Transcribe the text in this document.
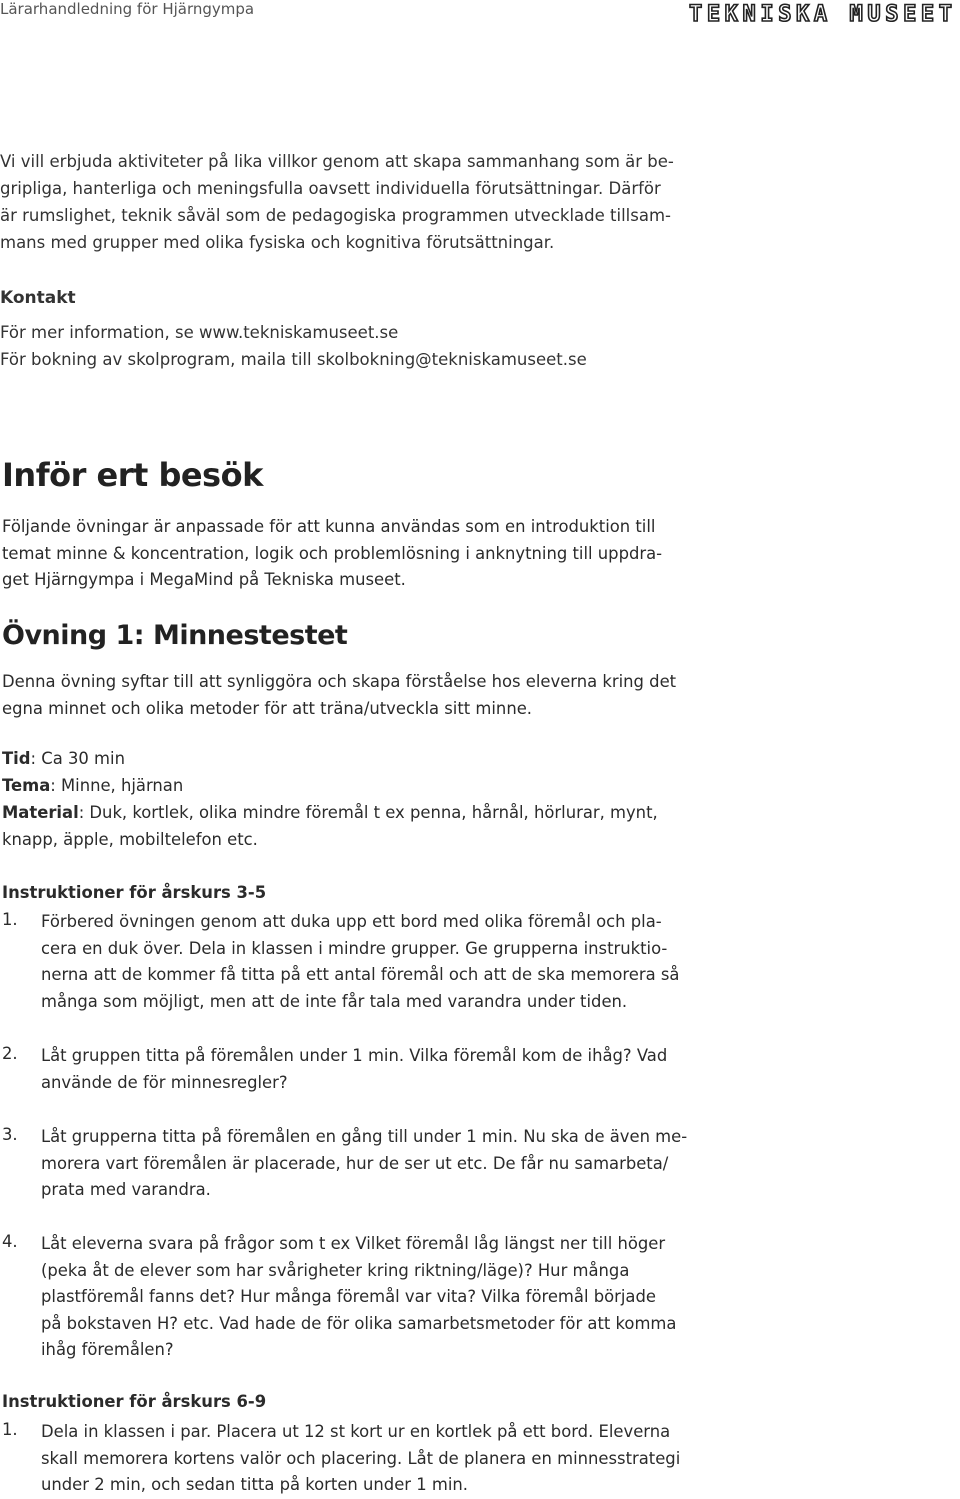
Lärarhandledning för Hjärngympa	TEKNISKA MUSEET

Vi vill erbjuda aktiviteter på lika villkor genom att skapa sammanhang som är be-

gripliga, hanterliga och meningsfulla oavsett individuella förutsättningar. Därför

är rumslighet, teknik såväl som de pedagogiska programmen utvecklade tillsam-

mans med grupper med olika fysiska och kognitiva förutsättningar.

Kontakt
För mer information, se www.tekniskamuseet.se
För bokning av skolprogram, maila till skolbokning@tekniskamuseet.se
Inför ert besök

Följande övningar är anpassade för att kunna användas som en introduktion till

temat minne & koncentration, logik och problemlösning i anknytning till uppdra-

get Hjärngympa i MegaMind på Tekniska museet.

Övning 1: Minnestestet

Denna övning syftar till att synliggöra och skapa förståelse hos eleverna kring det

egna minnet och olika metoder för att träna/utveckla sitt minne.

Tid: Ca 30 min
Tema: Minne, hjärnan
Material: Duk, kortlek, olika mindre föremål t ex penna, hårnål, hörlurar, mynt,
knapp, äpple, mobiltelefon etc.
Instruktioner för årskurs 3-5
1. Förbered övningen genom att duka upp ett bord med olika föremål och pla-

cera en duk över. Dela in klassen i mindre grupper. Ge grupperna instruktio-

nerna att de kommer få titta på ett antal föremål och att de ska memorera så

många som möjligt, men att de inte får tala med varandra under tiden.

2. Låt gruppen titta på föremålen under 1 min. Vilka föremål kom de ihåg? Vad

använde de för minnesregler?

3. Låt grupperna titta på föremålen en gång till under 1 min. Nu ska de även me-

morera vart föremålen är placerade, hur de ser ut etc. De får nu samarbeta/

prata med varandra.

4. Låt eleverna svara på frågor som t ex Vilket föremål låg längst ner till höger

(peka åt de elever som har svårigheter kring riktning/läge)? Hur många

plastföremål fanns det? Hur många föremål var vita? Vilka föremål började

på bokstaven H? etc. Vad hade de för olika samarbetsmetoder för att komma

ihåg föremålen?

Instruktioner för årskurs 6-9
1. Dela in klassen i par. Placera ut 12 st kort ur en kortlek på ett bord. Eleverna

skall memorera kortens valör och placering. Låt de planera en minnesstrategi

under 2 min, och sedan titta på korten under 1 min.
